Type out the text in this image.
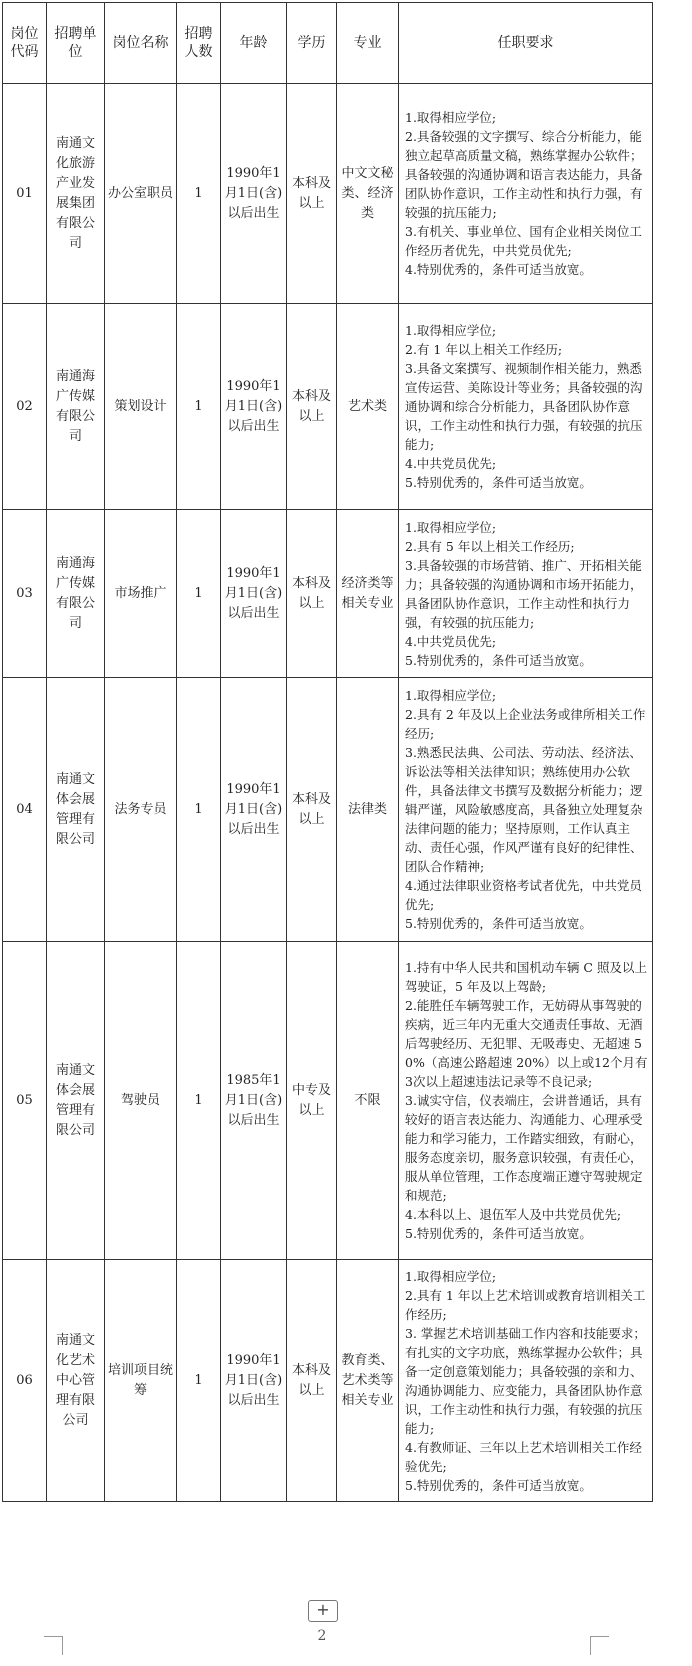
岗位代码	招聘单位	岗位名称	招聘人数	年龄	学历	专业	任职要求
01	南通文化旅游产业发展集团有限公司	办公室职员	1	1990年1月1日(含)以后出生	本科及以上	中文文秘类、经济类	1.取得相应学位;
2.具备较强的文字撰写、综合分析能力，能独立起草高质量文稿，熟练掌握办公软件；具备较强的沟通协调和语言表达能力，具备团队协作意识，工作主动性和执行力强，有较强的抗压能力;
3.有机关、事业单位、国有企业相关岗位工作经历者优先，中共党员优先;
4.特别优秀的，条件可适当放宽。

02	南通海广传媒有限公司	策划设计	1	1990年1月1日(含)以后出生	本科及以上	艺术类	1.取得相应学位;
2.有 1 年以上相关工作经历;
3.具备文案撰写、视频制作相关能力，熟悉宣传运营、美陈设计等业务；具备较强的沟通协调和综合分析能力，具备团队协作意识，工作主动性和执行力强，有较强的抗压能力;
4.中共党员优先;
5.特别优秀的，条件可适当放宽。

03	南通海广传媒有限公司	市场推广	1	1990年1月1日(含)以后出生	本科及以上	经济类等相关专业	1.取得相应学位;
2.具有 5 年以上相关工作经历;
3.具备较强的市场营销、推广、开拓相关能力；具备较强的沟通协调和市场开拓能力，具备团队协作意识，工作主动性和执行力强，有较强的抗压能力;
4.中共党员优先;
5.特别优秀的，条件可适当放宽。

04	南通文体会展管理有限公司	法务专员	1	1990年1月1日(含)以后出生	本科及以上	法律类	1.取得相应学位;
2.具有 2 年及以上企业法务或律所相关工作经历;
3.熟悉民法典、公司法、劳动法、经济法、诉讼法等相关法律知识；熟练使用办公软件，具备法律文书撰写及数据分析能力；逻辑严谨，风险敏感度高，具备独立处理复杂法律问题的能力；坚持原则，工作认真主动、责任心强，作风严谨有良好的纪律性、团队合作精神;
4.通过法律职业资格考试者优先，中共党员优先;
5.特别优秀的，条件可适当放宽。

05	南通文体会展管理有限公司	驾驶员	1	1985年1月1日(含)以后出生	中专及以上	不限	1.持有中华人民共和国机动车辆 C 照及以上驾驶证，5 年及以上驾龄;
2.能胜任车辆驾驶工作，无妨碍从事驾驶的疾病，近三年内无重大交通责任事故、无酒后驾驶经历、无犯罪、无吸毒史、无超速 50%（高速公路超速 20%）以上或12个月有3次以上超速违法记录等不良记录;
3.诚实守信，仪表端庄，会讲普通话，具有较好的语言表达能力、沟通能力、心理承受能力和学习能力，工作踏实细致，有耐心，服务态度亲切，服务意识较强，有责任心，服从单位管理，工作态度端正遵守驾驶规定和规范;
4.本科以上、退伍军人及中共党员优先;
5.特别优秀的，条件可适当放宽。

06	南通文化艺术中心管理有限公司	培训项目统筹	1	1990年1月1日(含)以后出生	本科及以上	教育类、艺术类等相关专业	1.取得相应学位;
2.具有 1 年以上艺术培训或教育培训相关工作经历;
3. 掌握艺术培训基础工作内容和技能要求；有扎实的文字功底，熟练掌握办公软件；具备一定创意策划能力；具备较强的亲和力、沟通协调能力、应变能力，具备团队协作意识，工作主动性和执行力强，有较强的抗压能力;
4.有教师证、三年以上艺术培训相关工作经验优先;
5.特别优秀的，条件可适当放宽。
+
2
